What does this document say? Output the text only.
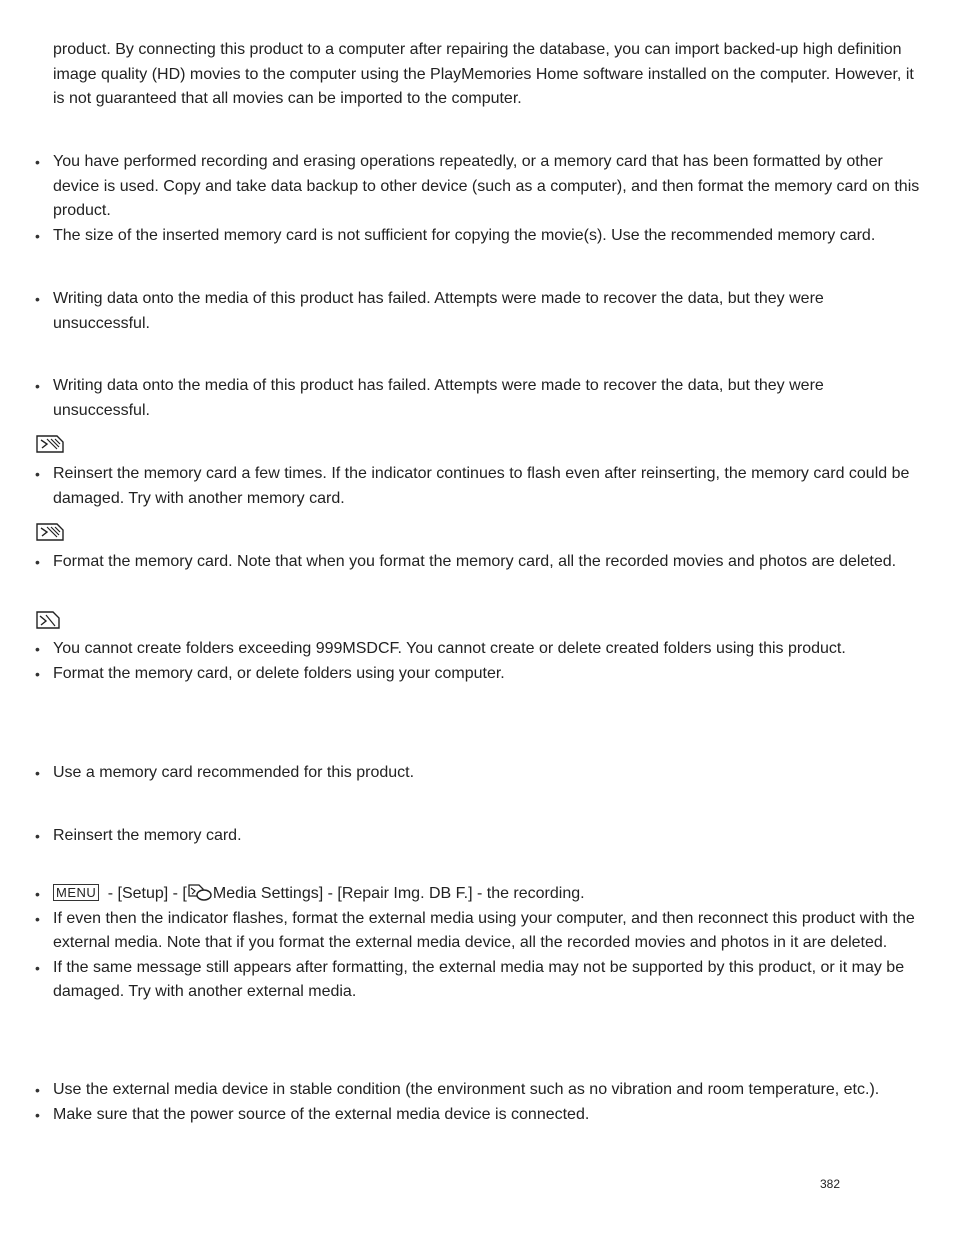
product. By connecting this product to a computer after repairing the database, you can import backed-up high definition image quality (HD) movies to the computer using the PlayMemories Home software installed on the computer. However, it is not guaranteed that all movies can be imported to the computer.

• You have performed recording and erasing operations repeatedly, or a memory card that has been formatted by other device is used. Copy and take data backup to other device (such as a computer), and then format the memory card on this product.
• The size of the inserted memory card is not sufficient for copying the movie(s). Use the recommended memory card.
• Writing data onto the media of this product has failed. Attempts were made to recover the data, but they were unsuccessful.
• Writing data onto the media of this product has failed. Attempts were made to recover the data, but they were unsuccessful.
• Reinsert the memory card a few times. If the indicator continues to flash even after reinserting, the memory card could be damaged. Try with another memory card.
• Format the memory card. Note that when you format the memory card, all the recorded movies and photos are deleted.
• You cannot create folders exceeding 999MSDCF. You cannot create or delete created folders using this product.
• Format the memory card, or delete folders using your computer.
• Use a memory card recommended for this product.
• Reinsert the memory card.
• MENU - [Setup] - [ Media Settings] - [Repair Img. DB F.] - the recording.
• If even then the indicator flashes, format the external media using your computer, and then reconnect this product with the external media. Note that if you format the external media device, all the recorded movies and photos in it are deleted.
• If the same message still appears after formatting, the external media may not be supported by this product, or it may be damaged. Try with another external media.
• Use the external media device in stable condition (the environment such as no vibration and room temperature, etc.).
• Make sure that the power source of the external media device is connected.
382
